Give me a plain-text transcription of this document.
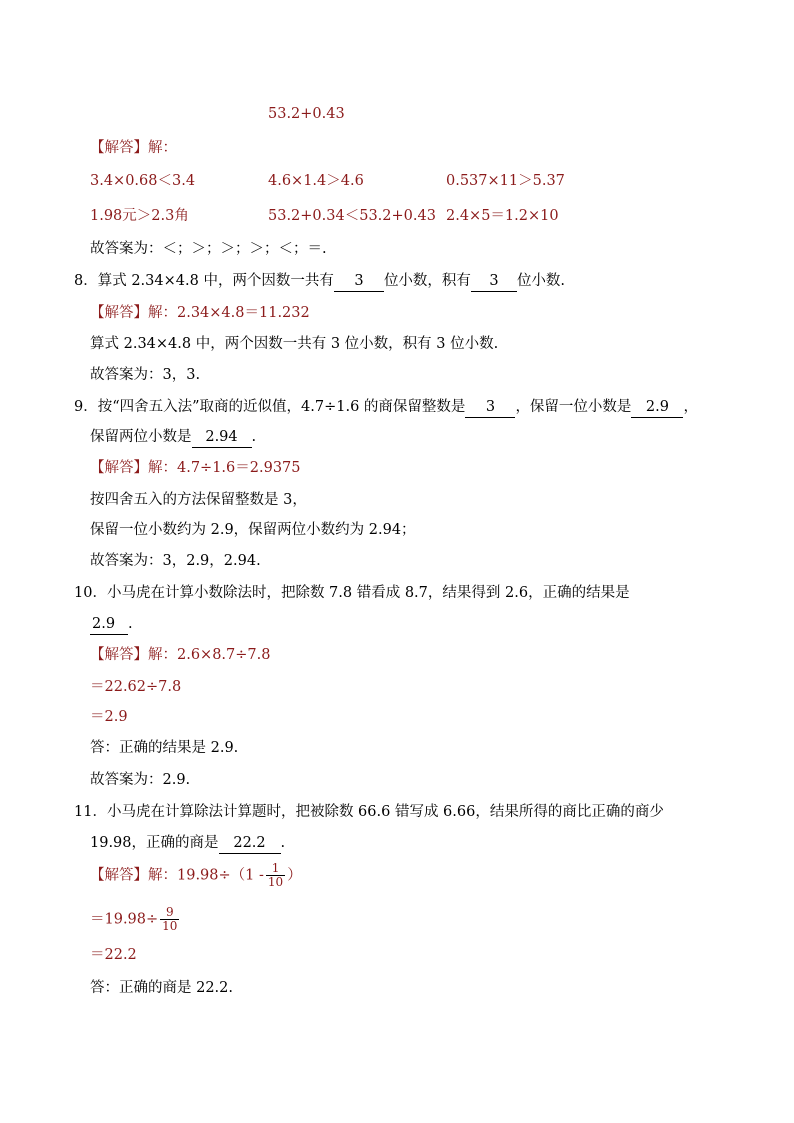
53.2+0.43
【解答】解：
3.4×0.68＜3.4	4.6×1.4＞4.6	0.537×11＞5.37
1.98元＞2.3角	53.2+0.34＜53.2+0.43 2.4×5＝1.2×10
故答案为：＜；＞；＞；＞；＜；＝.
8．算式 2.34×4.8 中，两个因数一共有 3 位小数，积有 3 位小数.
【解答】解：2.34×4.8＝11.232
算式 2.34×4.8 中，两个因数一共有 3 位小数，积有 3 位小数.
故答案为：3，3.
9．按“四舍五入法”取商的近似值，4.7÷1.6 的商保留整数是 3 ，保留一位小数是 2.9 ，
保留两位小数是 2.94 .
【解答】解：4.7÷1.6＝2.9375
按四舍五入的方法保留整数是 3，
保留一位小数约为 2.9，保留两位小数约为 2.94；
故答案为：3，2.9，2.94.
10．小马虎在计算小数除法时，把除数 7.8 错看成 8.7，结果得到 2.6，正确的结果是
2.9 .
【解答】解：2.6×8.7÷7.8
＝22.62÷7.8
＝2.9
答：正确的结果是 2.9.
故答案为：2.9.
11．小马虎在计算除法计算题时，把被除数 66.6 错写成 6.66，结果所得的商比正确的商少
19.98，正确的商是 22.2 .
【解答】解：$19.98\div(1 - \frac{1}{10}$ ）
$=19.98\div \frac{9}{10}$
＝22.2
答：正确的商是 22.2.
